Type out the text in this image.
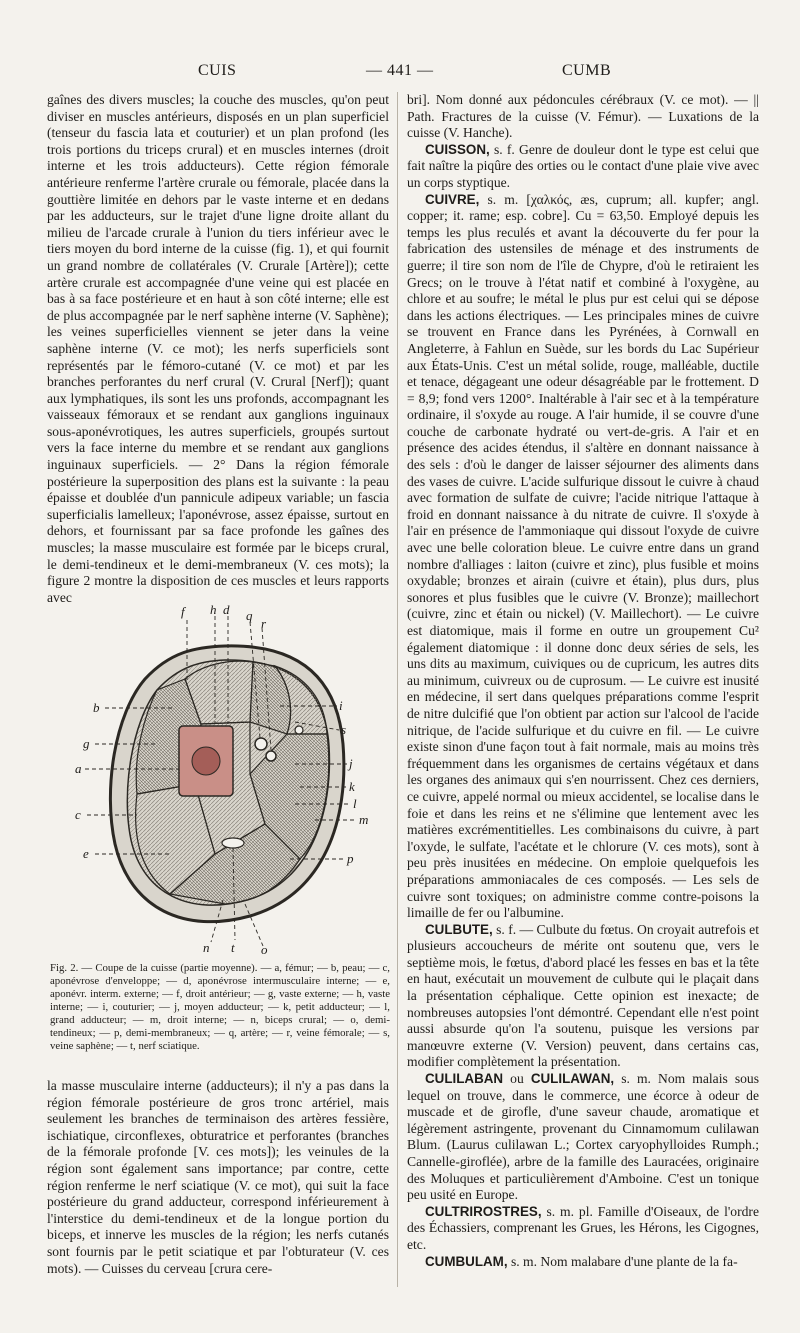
CUIS	— 441 —	CUMB

gaînes des divers muscles; la couche des muscles, qu'on peut diviser en muscles antérieurs, disposés en un plan superficiel (tenseur du fascia lata et couturier) et un plan profond (les trois portions du triceps crural) et en muscles internes (droit interne et les trois adducteurs). Cette région fémorale antérieure renferme l'artère crurale ou fémorale, placée dans la gouttière limitée en dehors par le vaste interne et en dedans par les adducteurs, sur le trajet d'une ligne droite allant du milieu de l'arcade crurale à l'union du tiers inférieur avec le tiers moyen du bord interne de la cuisse (fig. 1), et qui fournit un grand nombre de collatérales (V. Crurale [Artère]); cette artère crurale est accompagnée d'une veine qui est placée en bas à sa face postérieure et en haut à son côté interne; elle est de plus accompagnée par le nerf saphène interne (V. Saphène); les veines superficielles viennent se jeter dans la veine saphène interne (V. ce mot); les nerfs superficiels sont représentés par le fémoro-cutané (V. ce mot) et par les branches perforantes du nerf crural (V. Crural [Nerf]); quant aux lymphatiques, ils sont les uns profonds, accompagnant les vaisseaux fémoraux et se rendant aux ganglions inguinaux sous-aponévrotiques, les autres superficiels, groupés surtout vers la face interne du membre et se rendant aux ganglions inguinaux superficiels. — 2° Dans la région fémorale postérieure la superposition des plans est la suivante : la peau épaisse et doublée d'un pannicule adipeux variable; un fascia superficialis lamelleux; l'aponévrose, assez épaisse, surtout en dehors, et fournissant par sa face profonde les gaînes des muscles; la masse musculaire est formée par le biceps crural, le demi-tendineux et le demi-membraneux (V. ces mots); la figure 2 montre la disposition de ces muscles et leurs rapports avec

f h d q
r
b	i
s
g
a	j
k
l
c	m
e	p
n t o

Fig. 2. — Coupe de la cuisse (partie moyenne). — a, fémur; — b, peau; — c, aponévrose d'enveloppe; — d, aponévrose intermusculaire interne; — e, aponévr. interm. externe; — f, droit antérieur; — g, vaste externe; — h, vaste interne; — i, couturier; — j, moyen adducteur; — k, petit adducteur; — l, grand adducteur; — m, droit interne; — n, biceps crural; — o, demi-tendineux; — p, demi-membraneux; — q, artère; — r, veine fémorale; — s, veine saphène; — t, nerf sciatique.

la masse musculaire interne (adducteurs); il n'y a pas dans la région fémorale postérieure de gros tronc artériel, mais seulement les branches de terminaison des artères fessière, ischiatique, circonflexes, obturatrice et perforantes (branches de la fémorale profonde [V. ces mots]); les veinules de la région sont également sans importance; par contre, cette région renferme le nerf sciatique (V. ce mot), qui suit la face postérieure du grand adducteur, correspond inférieurement à l'interstice du demi-tendineux et de la longue portion du biceps, et innerve les muscles de la région; les nerfs cutanés sont fournis par le petit sciatique et par l'obturateur (V. ces mots). — Cuisses du cerveau [crura cere-

bri]. Nom donné aux pédoncules cérébraux (V. ce mot). — || Path. Fractures de la cuisse (V. Fémur). — Luxations de la cuisse (V. Hanche).

CUISSON, s. f. Genre de douleur dont le type est celui que fait naître la piqûre des orties ou le contact d'une plaie vive avec un corps styptique.

CUIVRE, s. m. [χαλκός, æs, cuprum; all. kupfer; angl. copper; it. rame; esp. cobre]. Cu = 63,50. Employé depuis les temps les plus reculés et avant la découverte du fer pour la fabrication des ustensiles de ménage et des instruments de guerre; il tire son nom de l'île de Chypre, d'où le retiraient les Grecs; on le trouve à l'état natif et combiné à l'oxygène, au chlore et au soufre; le métal le plus pur est celui qui se dépose dans les actions électriques. — Les principales mines de cuivre se trouvent en France dans les Pyrénées, à Cornwall en Angleterre, à Fahlun en Suède, sur les bords du Lac Supérieur aux États-Unis. C'est un métal solide, rouge, malléable, ductile et tenace, dégageant une odeur désagréable par le frottement. D = 8,9; fond vers 1200°. Inaltérable à l'air sec et à la température ordinaire, il s'oxyde au rouge. A l'air humide, il se couvre d'une couche de carbonate hydraté ou vert-de-gris. A l'air et en présence des acides étendus, il s'altère en donnant naissance à des sels : d'où le danger de laisser séjourner des aliments dans des vases de cuivre. L'acide sulfurique dissout le cuivre à chaud avec formation de sulfate de cuivre; l'acide nitrique l'attaque à froid en donnant naissance à du nitrate de cuivre. Il s'oxyde à l'air en présence de l'ammoniaque qui dissout l'oxyde de cuivre avec une belle coloration bleue. Le cuivre entre dans un grand nombre d'alliages : laiton (cuivre et zinc), plus fusible et moins oxydable; bronzes et airain (cuivre et étain), plus durs, plus sonores et plus fusibles que le cuivre (V. Bronze); maillechort (cuivre, zinc et étain ou nickel) (V. Maillechort). — Le cuivre est diatomique, mais il forme en outre un groupement Cu² également diatomique : il donne donc deux séries de sels, les uns dits au maximum, cuiviques ou de cupricum, les autres dits au minimum, cuivreux ou de cuprosum. — Le cuivre est inusité en médecine, il sert dans quelques préparations comme l'esprit de nitre dulcifié que l'on obtient par action sur l'alcool de l'acide nitrique, de l'acide sulfurique et du cuivre en fil. — Le cuivre existe sinon d'une façon tout à fait normale, mais au moins très fréquemment dans les organismes de certains végétaux et dans les organes des animaux qui s'en nourrissent. Chez ces derniers, ce cuivre, appelé normal ou mieux accidentel, se localise dans le foie et dans les reins et ne s'élimine que lentement avec les matières excrémentitielles. Les combinaisons du cuivre, à part l'oxyde, le sulfate, l'acétate et le chlorure (V. ces mots), sont à peu près inusitées en médecine. On emploie quelquefois les préparations ammoniacales de ces composés. — Les sels de cuivre sont toxiques; on administre comme contre-poisons la limaille de fer ou l'albumine.

CULBUTE, s. f. — Culbute du fœtus. On croyait autrefois et plusieurs accoucheurs de mérite ont soutenu que, vers le septième mois, le fœtus, d'abord placé les fesses en bas et la tête en haut, exécutait un mouvement de culbute qui le plaçait dans la présentation céphalique. Cette opinion est inexacte; de nombreuses autopsies l'ont démontré. Cependant elle n'est point aussi absurde qu'on l'a soutenu, puisque les versions par manœuvre externe (V. Version) peuvent, dans certains cas, modifier complètement la présentation.

CULILABAN ou CULILAWAN, s. m. Nom malais sous lequel on trouve, dans le commerce, une écorce à odeur de muscade et de girofle, d'une saveur chaude, aromatique et légèrement astringente, provenant du Cinnamomum culilawan Blum. (Laurus culilawan L.; Cortex caryophylloides Rumph.; Cannelle-giroflée), arbre de la famille des Lauracées, originaire des Moluques et particulièrement d'Amboine. C'est un tonique peu usité en Europe.

CULTRIROSTRES, s. m. pl. Famille d'Oiseaux, de l'ordre des Échassiers, comprenant les Grues, les Hérons, les Cigognes, etc.

CUMBULAM, s. m. Nom malabare d'une plante de la fa-
